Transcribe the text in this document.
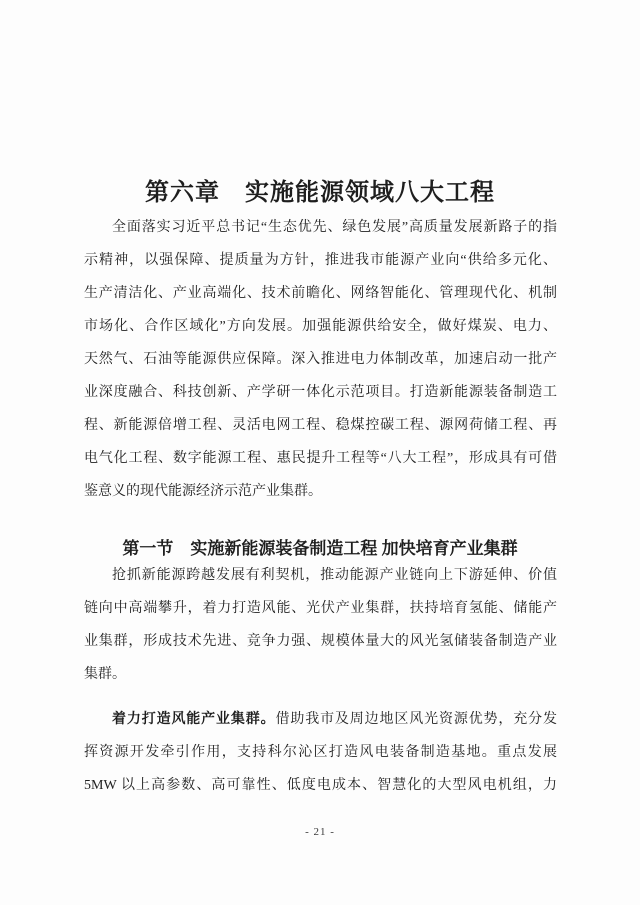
第六章　实施能源领域八大工程
全面落实习近平总书记“生态优先、绿色发展”高质量发展新路子的指
示精神，以强保障、提质量为方针，推进我市能源产业向“供给多元化、
生产清洁化、产业高端化、技术前瞻化、网络智能化、管理现代化、机制
市场化、合作区域化”方向发展。加强能源供给安全，做好煤炭、电力、
天然气、石油等能源供应保障。深入推进电力体制改革，加速启动一批产
业深度融合、科技创新、产学研一体化示范项目。打造新能源装备制造工
程、新能源倍增工程、灵活电网工程、稳煤控碳工程、源网荷储工程、再
电气化工程、数字能源工程、惠民提升工程等“八大工程”，形成具有可借
鉴意义的现代能源经济示范产业集群。
第一节　实施新能源装备制造工程 加快培育产业集群
抢抓新能源跨越发展有利契机，推动能源产业链向上下游延伸、价值
链向中高端攀升，着力打造风能、光伏产业集群，扶持培育氢能、储能产
业集群，形成技术先进、竞争力强、规模体量大的风光氢储装备制造产业
集群。
着力打造风能产业集群。借助我市及周边地区风光资源优势，充分发
挥资源开发牵引作用，支持科尔沁区打造风电装备制造基地。重点发展
5MW 以上高参数、高可靠性、低度电成本、智慧化的大型风电机组，力
- 21 -
